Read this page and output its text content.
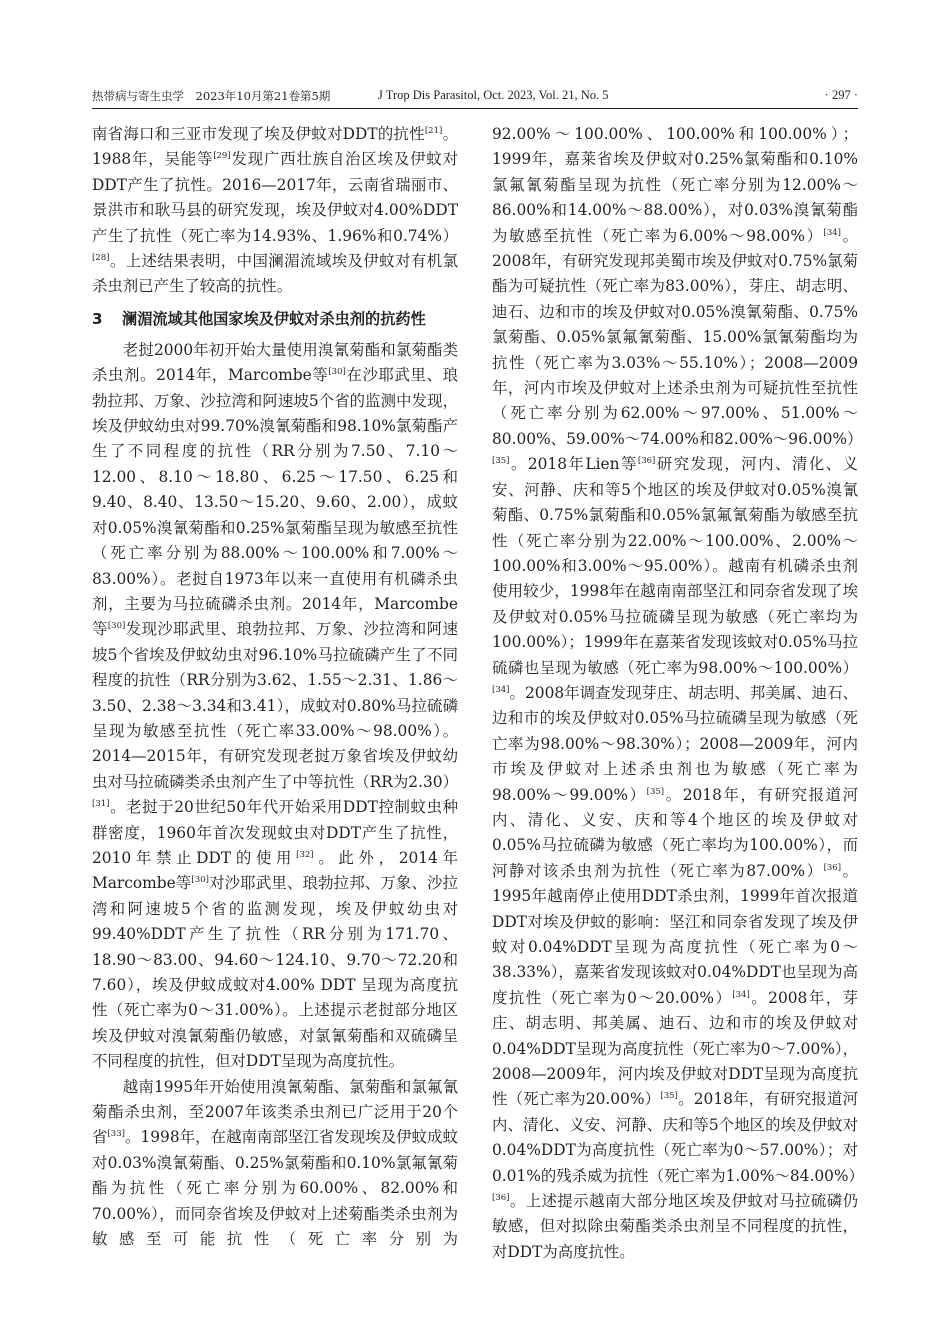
热带病与寄生虫学　2023年10月第21卷第5期	J Trop Dis Parasitol, Oct. 2023, Vol. 21, No. 5	· 297 ·

南省海口和三亚市发现了埃及伊蚊对DDT的抗性[21]。1988年，吴能等[29]发现广西壮族自治区埃及伊蚊对DDT产生了抗性。2016—2017年，云南省瑞丽市、景洪市和耿马县的研究发现，埃及伊蚊对4.00%DDT产生了抗性（死亡率为14.93%、1.96%和0.74%）[28]。上述结果表明，中国澜湄流域埃及伊蚊对有机氯杀虫剂已产生了较高的抗性。

3 澜湄流域其他国家埃及伊蚊对杀虫剂的抗药性

老挝2000年初开始大量使用溴氰菊酯和氯菊酯类杀虫剂。2014年，Marcombe等[30]在沙耶武里、琅勃拉邦、万象、沙拉湾和阿速坡5个省的监测中发现，埃及伊蚊幼虫对99.70%溴氰菊酯和98.10%氯菊酯产生了不同程度的抗性（RR分别为7.50、7.10～12.00、8.10～18.80、6.25～17.50、6.25和9.40、8.40、13.50～15.20、9.60、2.00），成蚊对0.05%溴氰菊酯和0.25%氯菊酯呈现为敏感至抗性（死亡率分别为88.00%～100.00%和7.00%～83.00%）。老挝自1973年以来一直使用有机磷杀虫剂，主要为马拉硫磷杀虫剂。2014年，Marcombe等[30]发现沙耶武里、琅勃拉邦、万象、沙拉湾和阿速坡5个省埃及伊蚊幼虫对96.10%马拉硫磷产生了不同程度的抗性（RR分别为3.62、1.55～2.31、1.86～3.50、2.38～3.34和3.41），成蚊对0.80%马拉硫磷呈现为敏感至抗性（死亡率33.00%～98.00%）。2014—2015年，有研究发现老挝万象省埃及伊蚊幼虫对马拉硫磷类杀虫剂产生了中等抗性（RR为2.30）[31]。老挝于20世纪50年代开始采用DDT控制蚊虫种群密度，1960年首次发现蚊虫对DDT产生了抗性，2010年禁止DDT的使用[32]。此外，2014年Marcombe等[30]对沙耶武里、琅勃拉邦、万象、沙拉湾和阿速坡5个省的监测发现，埃及伊蚊幼虫对99.40%DDT产生了抗性（RR分别为171.70、18.90～83.00、94.60～124.10、9.70～72.20和7.60），埃及伊蚊成蚊对4.00% DDT 呈现为高度抗性（死亡率为0～31.00%）。上述提示老挝部分地区埃及伊蚊对溴氰菊酯仍敏感，对氯氰菊酯和双硫磷呈不同程度的抗性，但对DDT呈现为高度抗性。

越南1995年开始使用溴氰菊酯、氯菊酯和氯氟氰菊酯杀虫剂，至2007年该类杀虫剂已广泛用于20个省[33]。1998年，在越南南部坚江省发现埃及伊蚊成蚊对0.03%溴氰菊酯、0.25%氯菊酯和0.10%氯氟氰菊酯为抗性（死亡率分别为60.00%、82.00%和70.00%），而同奈省埃及伊蚊对上述菊酯类杀虫剂为敏感至可能抗性（死亡率分别为

92.00%～100.00%、100.00%和100.00%）；1999年，嘉莱省埃及伊蚊对0.25%氯菊酯和0.10%氯氟氰菊酯呈现为抗性（死亡率分别为12.00%～86.00%和14.00%～88.00%），对0.03%溴氰菊酯为敏感至抗性（死亡率为6.00%～98.00%）[34]。2008年，有研究发现邦美蜀市埃及伊蚊对0.75%氯菊酯为可疑抗性（死亡率为83.00%），芽庄、胡志明、迪石、边和市的埃及伊蚊对0.05%溴氰菊酯、0.75%氯菊酯、0.05%氯氟氰菊酯、15.00%氯氰菊酯均为抗性（死亡率为3.03%～55.10%）；2008—2009年，河内市埃及伊蚊对上述杀虫剂为可疑抗性至抗性（死亡率分别为62.00%～97.00%、51.00%～80.00%、59.00%～74.00%和82.00%～96.00%）[35]。2018年Lien等[36]研究发现，河内、清化、义安、河静、庆和等5个地区的埃及伊蚊对0.05%溴氰菊酯、0.75%氯菊酯和0.05%氯氟氰菊酯为敏感至抗性（死亡率分别为22.00%～100.00%、2.00%～100.00%和3.00%～95.00%）。越南有机磷杀虫剂使用较少，1998年在越南南部坚江和同奈省发现了埃及伊蚊对0.05%马拉硫磷呈现为敏感（死亡率均为100.00%）；1999年在嘉莱省发现该蚊对0.05%马拉硫磷也呈现为敏感（死亡率为98.00%～100.00%）[34]。2008年调查发现芽庄、胡志明、邦美属、迪石、边和市的埃及伊蚊对0.05%马拉硫磷呈现为敏感（死亡率为98.00%～98.30%）；2008—2009年，河内市埃及伊蚊对上述杀虫剂也为敏感（死亡率为98.00%～99.00%）[35]。2018年，有研究报道河内、清化、义安、庆和等4个地区的埃及伊蚊对0.05%马拉硫磷为敏感（死亡率均为100.00%），而河静对该杀虫剂为抗性（死亡率为87.00%）[36]。1995年越南停止使用DDT杀虫剂，1999年首次报道DDT对埃及伊蚊的影响：坚江和同奈省发现了埃及伊蚊对0.04%DDT呈现为高度抗性（死亡率为0～38.33%），嘉莱省发现该蚊对0.04%DDT也呈现为高度抗性（死亡率为0～20.00%）[34]。2008年，芽庄、胡志明、邦美属、迪石、边和市的埃及伊蚊对0.04%DDT呈现为高度抗性（死亡率为0～7.00%），2008—2009年，河内埃及伊蚊对DDT呈现为高度抗性（死亡率为20.00%）[35]。2018年，有研究报道河内、清化、义安、河静、庆和等5个地区的埃及伊蚊对0.04%DDT为高度抗性（死亡率为0～57.00%）；对0.01%的残杀威为抗性（死亡率为1.00%～84.00%）[36]。上述提示越南大部分地区埃及伊蚊对马拉硫磷仍敏感，但对拟除虫菊酯类杀虫剂呈不同程度的抗性，对DDT为高度抗性。
